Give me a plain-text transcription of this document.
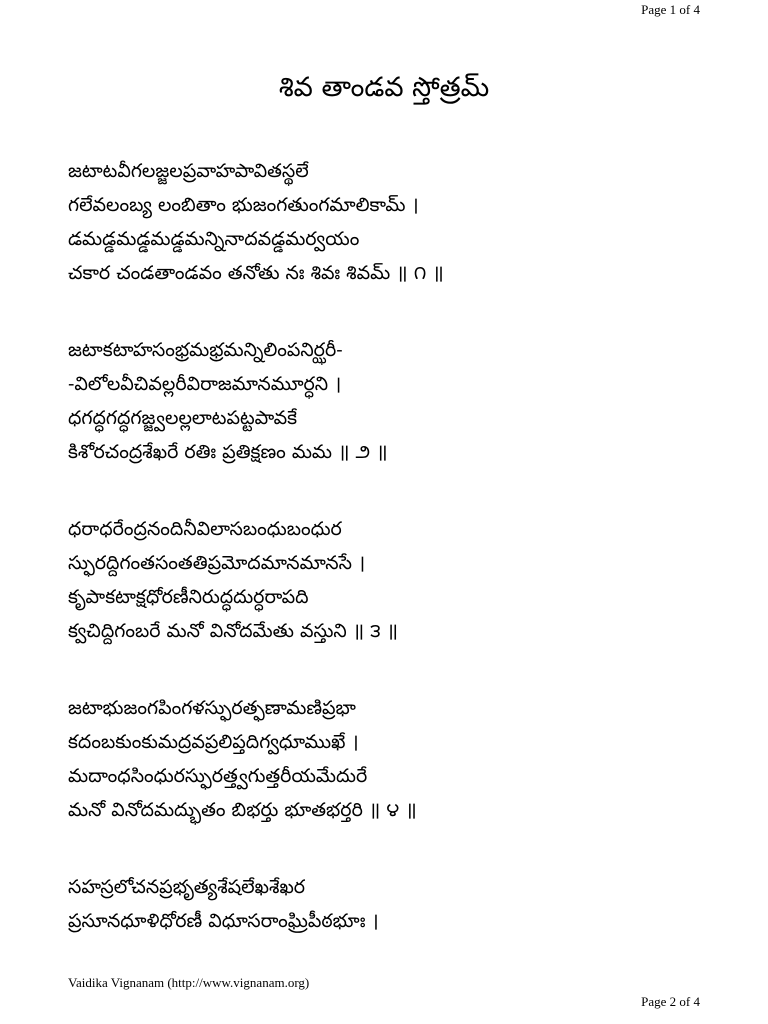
Page 1 of 4
శివ తాండవ స్తోత్రమ్
జటాటవీగలజ్జలప్రవాహపావితస్థలే
గలేవలంబ్య లంబితాం భుజంగతుంగమాలికామ్ ।
డమడ్డమడ్డమడ్డమన్నినాదవడ్డమర్వయం
చకార చండతాండవం తనోతు నః శివః శివమ్ ॥ ౧ ॥
జటాకటాహసంభ్రమభ్రమన్నిలింపనిర్ఝరీ-
-విలోలవీచివల్లరీవిరాజమానమూర్ధని ।
ధగద్ధగద్ధగజ్జ్వలల్లలాటపట్టపావకే
కిశోరచంద్రశేఖరే రతిః ప్రతిక్షణం మమ ॥ ౨ ॥
ధరాధరేంద్రనందినీవిలాసబంధుబంధుర
స్ఫురద్దిగంతసంతతిప్రమోదమానమానసే ।
కృపాకటాక్షధోరణీనిరుద్ధదుర్ధరాపది
క్వచిద్దిగంబరే మనో వినోదమేతు వస్తుని ॥ ౩ ॥
జటాభుజంగపింగళస్ఫురత్ఫణామణిప్రభా
కదంబకుంకుమద్రవప్రలిప్తదిగ్వధూముఖే ।
మదాంధసింధురస్ఫురత్త్వగుత్తరీయమేదురే
మనో వినోదమద్భుతం బిభర్తు భూతభర్తరి ॥ ౪ ॥
సహస్రలోచనప్రభృత్యశేషలేఖశేఖర
ప్రసూనధూళిధోరణీ విధూసరాంఘ్రిపీఠభూః ।
Vaidika Vignanam (http://www.vignanam.org)
Page 2 of 4
